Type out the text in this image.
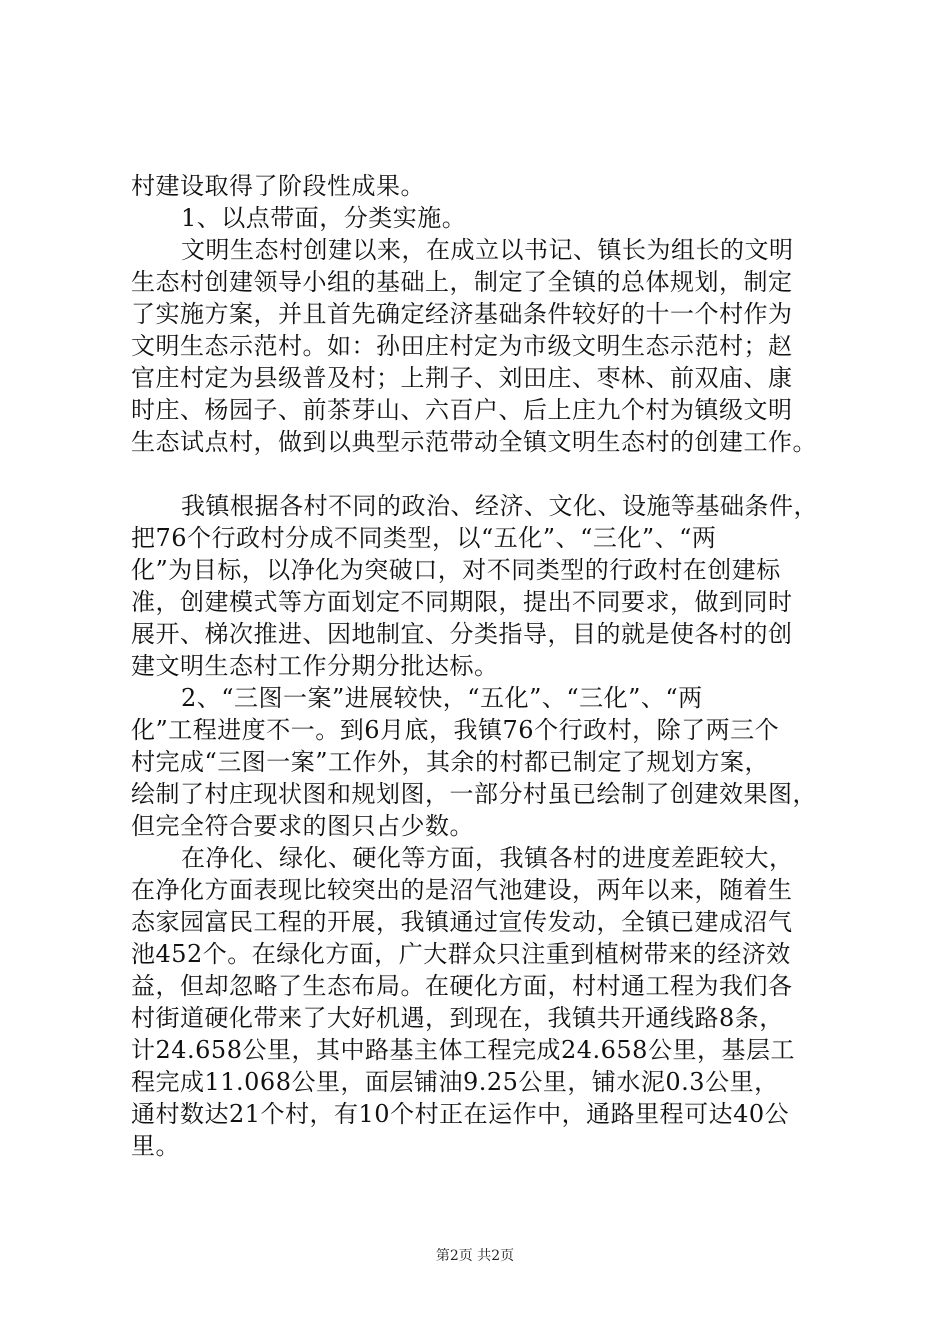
村建设取得了阶段性成果。

1、以点带面，分类实施。

文明生态村创建以来，在成立以书记、镇长为组长的文明

生态村创建领导小组的基础上，制定了全镇的总体规划，制定

了实施方案，并且首先确定经济基础条件较好的十一个村作为

文明生态示范村。如：孙田庄村定为市级文明生态示范村；赵

官庄村定为县级普及村；上荆子、刘田庄、枣林、前双庙、康

时庄、杨园子、前茶芽山、六百户、后上庄九个村为镇级文明

生态试点村，做到以典型示范带动全镇文明生态村的创建工作。

我镇根据各村不同的政治、经济、文化、设施等基础条件，

把76个行政村分成不同类型，以“五化”、“三化”、“两

化”为目标，以净化为突破口，对不同类型的行政村在创建标

准，创建模式等方面划定不同期限，提出不同要求，做到同时

展开、梯次推进、因地制宜、分类指导，目的就是使各村的创

建文明生态村工作分期分批达标。

2、“三图一案”进展较快，“五化”、“三化”、“两

化”工程进度不一。到6月底，我镇76个行政村，除了两三个

村完成“三图一案”工作外，其余的村都已制定了规划方案，

绘制了村庄现状图和规划图，一部分村虽已绘制了创建效果图，

但完全符合要求的图只占少数。

在净化、绿化、硬化等方面，我镇各村的进度差距较大，

在净化方面表现比较突出的是沼气池建设，两年以来，随着生

态家园富民工程的开展，我镇通过宣传发动，全镇已建成沼气

池452个。在绿化方面，广大群众只注重到植树带来的经济效

益，但却忽略了生态布局。在硬化方面，村村通工程为我们各

村街道硬化带来了大好机遇，到现在，我镇共开通线路8条，

计24.658公里，其中路基主体工程完成24.658公里，基层工

程完成11.068公里，面层铺油9.25公里，铺水泥0.3公里，

通村数达21个村，有10个村正在运作中，通路里程可达40公

里。

第2页 共2页
